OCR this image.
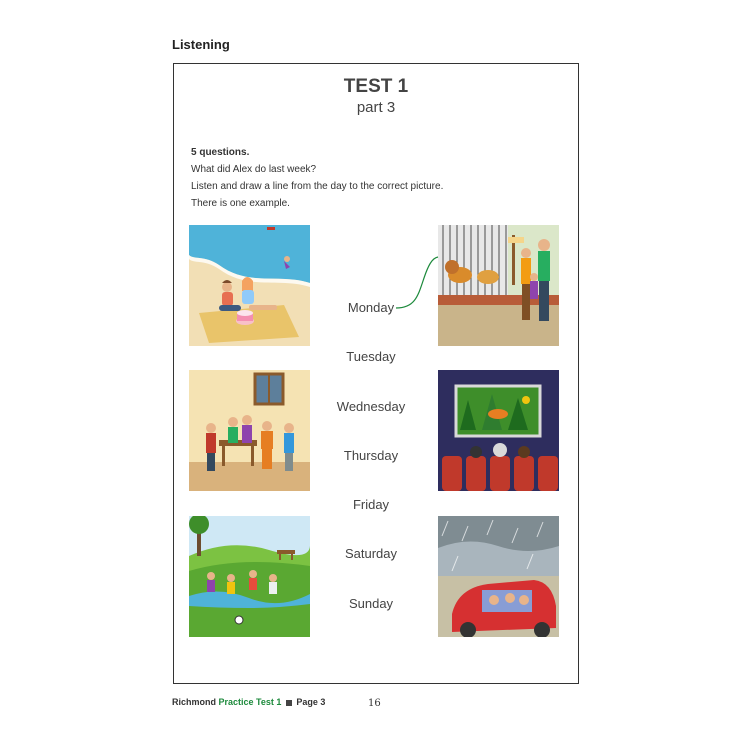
Listening
TEST 1
part 3
5 questions.
What did Alex do last week?
Listen and draw a line from the day to the correct picture.
There is one example.
Monday
Tuesday
Wednesday
Thursday
Friday
Saturday
Sunday
Richmond Practice Test 1 Page 3	16
